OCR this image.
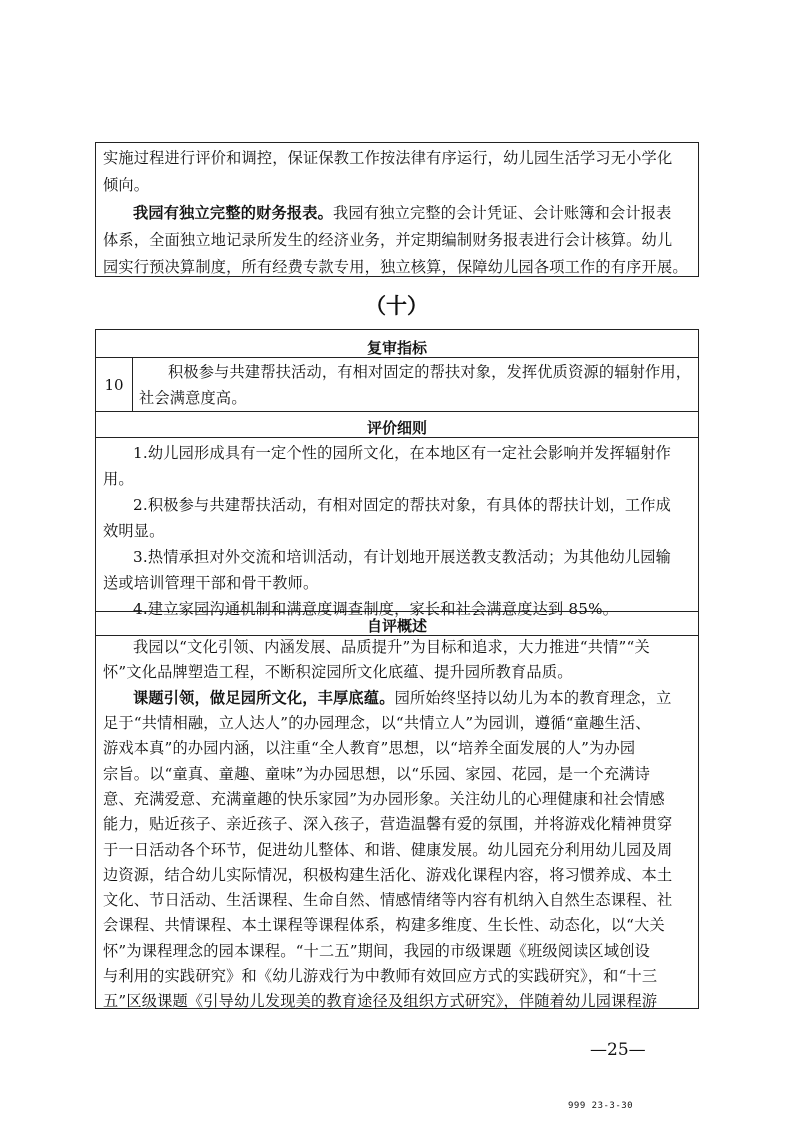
实施过程进行评价和调控，保证保教工作按法律有序运行，幼儿园生活学习无小学化
倾向。
我园有独立完整的财务报表。我园有独立完整的会计凭证、会计账簿和会计报表
体系，全面独立地记录所发生的经济业务，并定期编制财务报表进行会计核算。幼儿
园实行预决算制度，所有经费专款专用，独立核算，保障幼儿园各项工作的有序开展。
（十）
复审指标
10
积极参与共建帮扶活动，有相对固定的帮扶对象，发挥优质资源的辐射作用，
社会满意度高。
评价细则
1.幼儿园形成具有一定个性的园所文化，在本地区有一定社会影响并发挥辐射作
用。
2.积极参与共建帮扶活动，有相对固定的帮扶对象，有具体的帮扶计划，工作成
效明显。
3.热情承担对外交流和培训活动，有计划地开展送教支教活动；为其他幼儿园输
送或培训管理干部和骨干教师。
4.建立家园沟通机制和满意度调查制度，家长和社会满意度达到 85%。
自评概述
我园以“文化引领、内涵发展、品质提升”为目标和追求，大力推进“共情”“关
怀”文化品牌塑造工程，不断积淀园所文化底蕴、提升园所教育品质。
课题引领，做足园所文化，丰厚底蕴。园所始终坚持以幼儿为本的教育理念，立
足于“共情相融，立人达人”的办园理念，以“共情立人”为园训，遵循“童趣生活、
游戏本真”的办园内涵，以注重“全人教育”思想，以“培养全面发展的人”为办园
宗旨。以“童真、童趣、童味”为办园思想，以“乐园、家园、花园，是一个充满诗
意、充满爱意、充满童趣的快乐家园”为办园形象。关注幼儿的心理健康和社会情感
能力，贴近孩子、亲近孩子、深入孩子，营造温馨有爱的氛围，并将游戏化精神贯穿
于一日活动各个环节，促进幼儿整体、和谐、健康发展。幼儿园充分利用幼儿园及周
边资源，结合幼儿实际情况，积极构建生活化、游戏化课程内容，将习惯养成、本土
文化、节日活动、生活课程、生命自然、情感情绪等内容有机纳入自然生态课程、社
会课程、共情课程、本土课程等课程体系，构建多维度、生长性、动态化，以“大关
怀”为课程理念的园本课程。“十二五”期间，我园的市级课题《班级阅读区域创设
与利用的实践研究》和《幼儿游戏行为中教师有效回应方式的实践研究》，和“十三
五”区级课题《引导幼儿发现美的教育途径及组织方式研究》，伴随着幼儿园课程游
—25—
999 23-3-30
